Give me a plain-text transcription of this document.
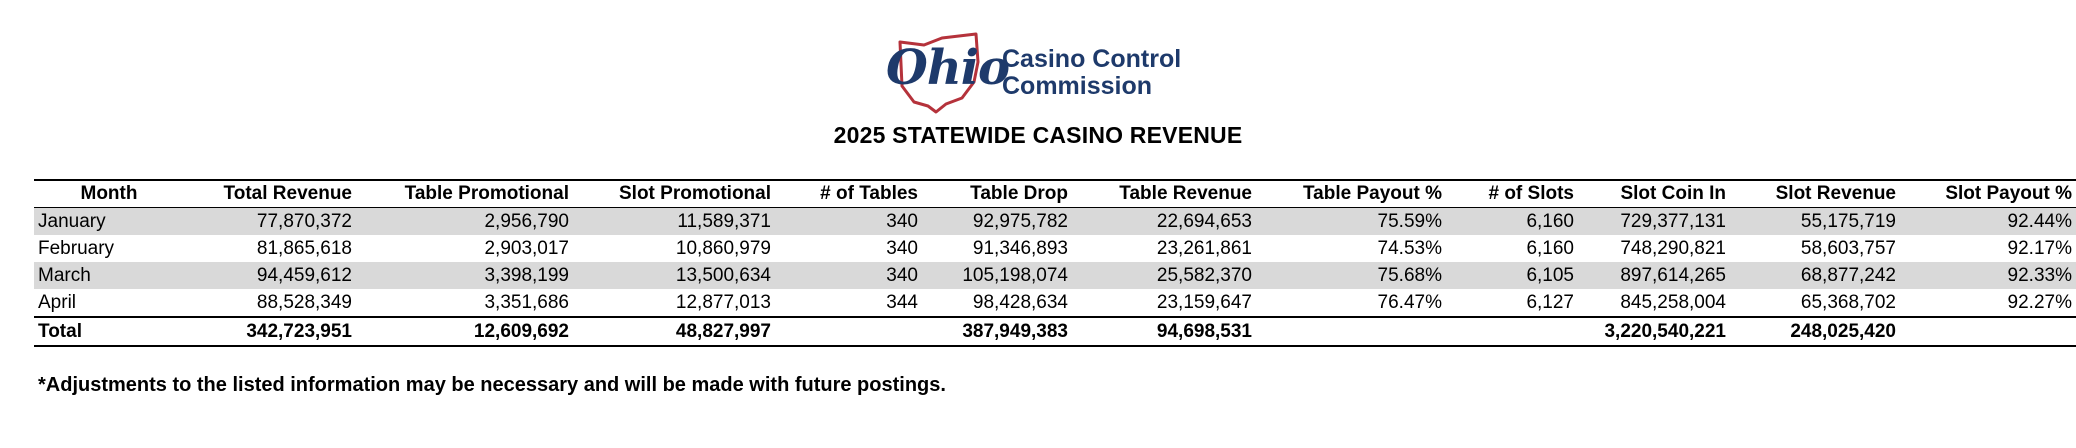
Ohio
Casino Control
Commission
2025 STATEWIDE CASINO REVENUE
Month	Total Revenue	Table Promotional	Slot Promotional	# of Tables	Table Drop	Table Revenue	Table Payout %	# of Slots	Slot Coin In	Slot Revenue	Slot Payout %
January	77,870,372	2,956,790	11,589,371	340	92,975,782	22,694,653	75.59%	6,160	729,377,131	55,175,719	92.44%
February	81,865,618	2,903,017	10,860,979	340	91,346,893	23,261,861	74.53%	6,160	748,290,821	58,603,757	92.17%
March	94,459,612	3,398,199	13,500,634	340	105,198,074	25,582,370	75.68%	6,105	897,614,265	68,877,242	92.33%
April	88,528,349	3,351,686	12,877,013	344	98,428,634	23,159,647	76.47%	6,127	845,258,004	65,368,702	92.27%
Total	342,723,951	12,609,692	48,827,997		387,949,383	94,698,531			3,220,540,221	248,025,420	
*Adjustments to the listed information may be necessary and will be made with future postings.
